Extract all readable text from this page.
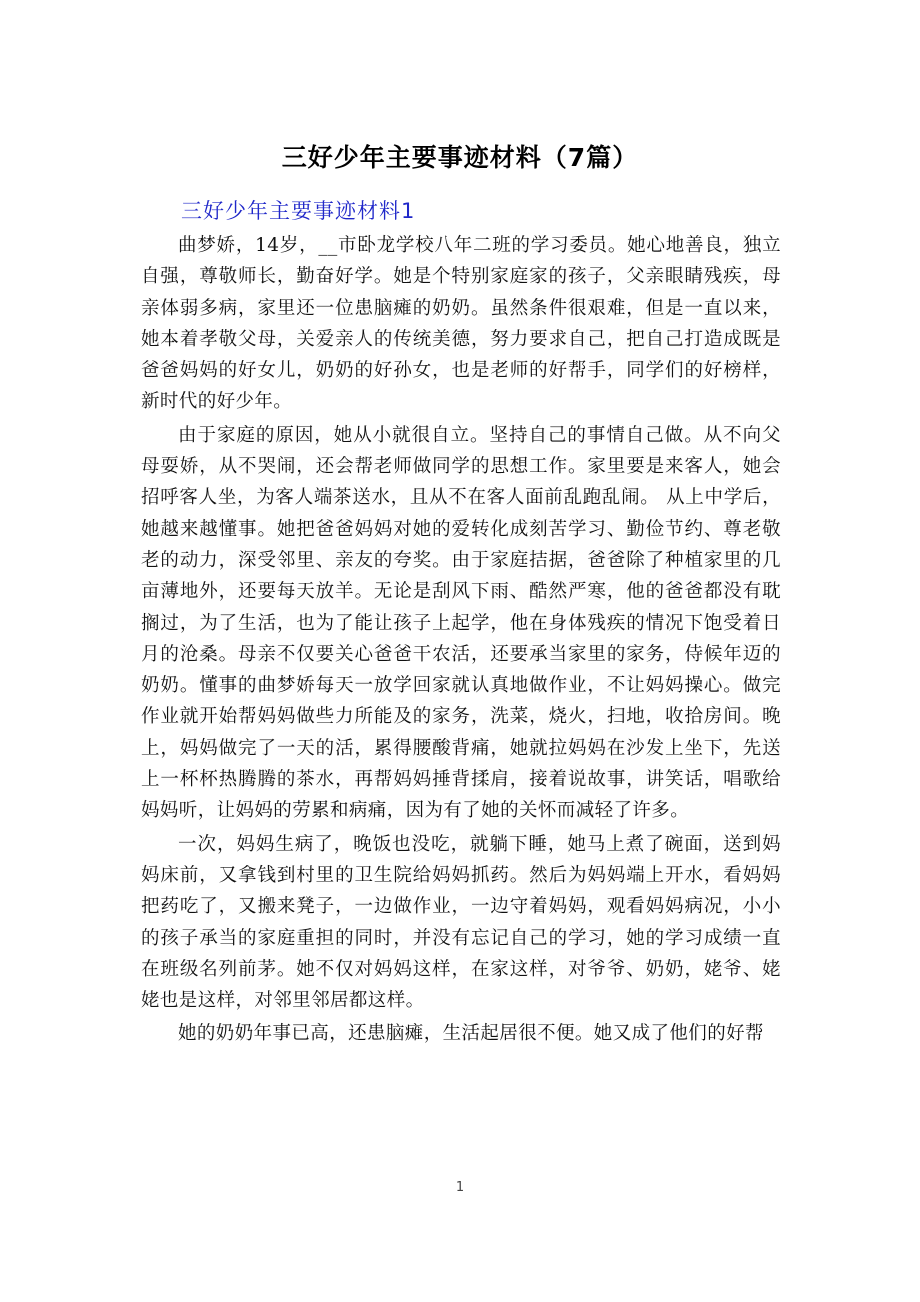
三好少年主要事迹材料（7篇）
三好少年主要事迹材料1

曲梦娇，14岁，__市卧龙学校八年二班的学习委员。她心地善良，独立自强，尊敬师长，勤奋好学。她是个特别家庭家的孩子，父亲眼睛残疾，母亲体弱多病，家里还一位患脑瘫的奶奶。虽然条件很艰难，但是一直以来，她本着孝敬父母，关爱亲人的传统美德，努力要求自己，把自己打造成既是爸爸妈妈的好女儿，奶奶的好孙女，也是老师的好帮手，同学们的好榜样，新时代的好少年。

由于家庭的原因，她从小就很自立。坚持自己的事情自己做。从不向父母耍娇，从不哭闹，还会帮老师做同学的思想工作。家里要是来客人，她会招呼客人坐，为客人端茶送水，且从不在客人面前乱跑乱闹。 从上中学后，她越来越懂事。她把爸爸妈妈对她的爱转化成刻苦学习、勤俭节约、尊老敬老的动力，深受邻里、亲友的夸奖。由于家庭拮据，爸爸除了种植家里的几亩薄地外，还要每天放羊。无论是刮风下雨、酷然严寒，他的爸爸都没有耽搁过，为了生活，也为了能让孩子上起学，他在身体残疾的情况下饱受着日月的沧桑。母亲不仅要关心爸爸干农活，还要承当家里的家务，侍候年迈的奶奶。懂事的曲梦娇每天一放学回家就认真地做作业，不让妈妈操心。做完作业就开始帮妈妈做些力所能及的家务，洗菜，烧火，扫地，收拾房间。晚上，妈妈做完了一天的活，累得腰酸背痛，她就拉妈妈在沙发上坐下，先送上一杯杯热腾腾的茶水，再帮妈妈捶背揉肩，接着说故事，讲笑话，唱歌给妈妈听，让妈妈的劳累和病痛，因为有了她的关怀而减轻了许多。

一次，妈妈生病了，晚饭也没吃，就躺下睡，她马上煮了碗面，送到妈妈床前，又拿钱到村里的卫生院给妈妈抓药。然后为妈妈端上开水，看妈妈把药吃了，又搬来凳子，一边做作业，一边守着妈妈，观看妈妈病况，小小的孩子承当的家庭重担的同时，并没有忘记自己的学习，她的学习成绩一直在班级名列前茅。她不仅对妈妈这样，在家这样，对爷爷、奶奶，姥爷、姥姥也是这样，对邻里邻居都这样。

她的奶奶年事已高，还患脑瘫，生活起居很不便。她又成了他们的好帮

1
